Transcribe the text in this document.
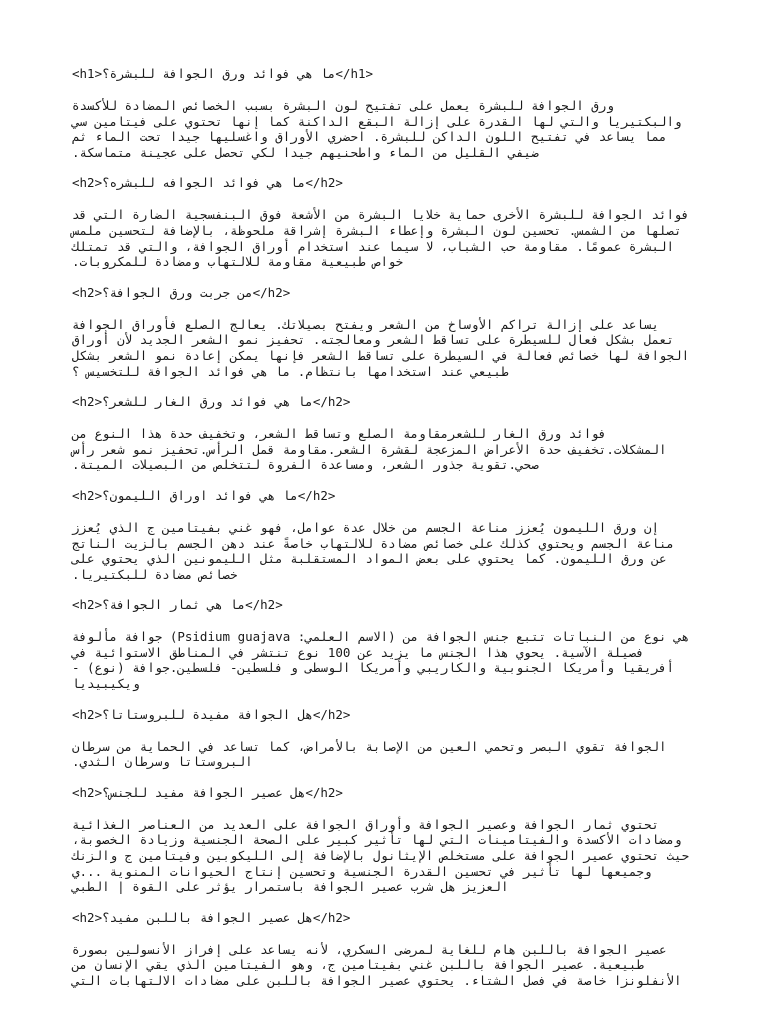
<h1>ما هي فوائد ورق الجوافة للبشرة؟</h1>
ورق الجوافة للبشرة يعمل على تفتيح لون البشرة بسبب الخصائص المضادة للأكسدة والبكتيريا والتي لها القدرة على إزالة البقع الداكنة كما إنها تحتوي على فيتامين سي مما يساعد في تفتيح اللون الداكن للبشرة. احضري الأوراق واغسليها جيدا تحت الماء ثم ضيفي القليل من الماء واطحنيهم جيدا لكي تحصل على عجينة متماسكة.
<h2>ما هي فوائد الجوافه للبشره؟</h2>
فوائد الجوافة للبشرة الأخرى حماية خلايا البشرة من الأشعة فوق البنفسجية الضارة التي قد تصلها من الشمس. تحسين لون البشرة وإعطاء البشرة إشراقة ملحوظة، بالإضافة لتحسين ملمس البشرة عمومًا. مقاومة حب الشباب، لا سيما عند استخدام أوراق الجوافة، والتي قد تمتلك خواص طبيعية مقاومة للالتهاب ومضادة للمكروبات.
<h2>من جربت ورق الجوافة؟</h2>
يساعد على إزالة تراكم الأوساخ من الشعر ويفتح بصيلاتك. يعالج الصلع فأوراق الجوافة تعمل بشكل فعال للسيطرة على تساقط الشعر ومعالجته. تحفيز نمو الشعر الجديد لأن أوراق الجوافة لها خصائص فعالة في السيطرة على تساقط الشعر فإنها يمكن إعادة نمو الشعر بشكل طبيعي عند استخدامها بانتظام. ما هي فوائد الجوافة للتخسيس ؟
<h2>ما هي فوائد ورق الغار للشعر؟</h2>
فوائد ورق الغار للشعرمقاومة الصلع وتساقط الشعر، وتخفيف حدة هذا النوع من المشكلات.تخفيف حدة الأعراض المزعجة لقشرة الشعر.مقاومة قمل الرأس.تحفيز نمو شعر رأس صحي.تقوية جذور الشعر، ومساعدة الفروة لتتخلص من البصيلات الميتة.
<h2>ما هي فوائد اوراق الليمون؟</h2>
إن ورق الليمون يُعزز مناعة الجسم من خلال عدة عوامل، فهو غني بفيتامين ج الذي يُعزز مناعة الجسم ويحتوي كذلك على خصائص مضادة للالتهاب خاصةً عند دهن الجسم بالزيت الناتج عن ورق الليمون. كما يحتوي على بعض المواد المستقلبة مثل الليمونين الذي يحتوي على خصائص مضادة للبكتيريا.
<h2>ما هي ثمار الجوافة؟</h2>
هي نوع من النباتات تتبع جنس الجوافة من (الاسم العلمي: Psidium guajava) جوافة مألوفة فصيلة الآسية. يحوي هذا الجنس ما يزيد عن 100 نوع تنتشر في المناطق الاستوائية في أفريقيا وأمريكا الجنوبية والكاريبي وأمريكا الوسطى و فلسطين- فلسطين.جوافة (نوع) - ويكيبيديا
<h2>هل الجوافة مفيدة للبروستاتا؟</h2>
الجوافة تقوي البصر وتحمي العين من الإصابة بالأمراض، كما تساعد في الحماية من سرطان البروستاتا وسرطان الثدي.
<h2>هل عصير الجوافة مفيد للجنس؟</h2>
تحتوي ثمار الجوافة وعصير الجوافة وأوراق الجوافة على العديد من العناصر الغذائية ومضادات الأكسدة والفيتامينات التي لها تأثير كبير على الصحة الجنسية وزيادة الخصوبة، حيث تحتوي عصير الجوافة على مستخلص الإيثانول بالإضافة إلى الليكوبين وفيتامين ج والزنك وجميعها لها تأثير في تحسين القدرة الجنسية وتحسين إنتاج الحيوانات المنوية ...ي العزيز هل شرب عصير الجوافة باستمرار يؤثر على القوة | الطبي
<h2>هل عصير الجوافة باللبن مفيد؟</h2>
عصير الجوافة باللبن هام للغاية لمرضى السكري، لأنه يساعد على إفراز الأنسولين بصورة طبيعية. عصير الجوافة باللبن غني بفيتامين ج، وهو الفيتامين الذي يقي الإنسان من الأنفلونزا خاصة في فصل الشتاء. يحتوي عصير الجوافة باللبن على مضادات الالتهابات التي
